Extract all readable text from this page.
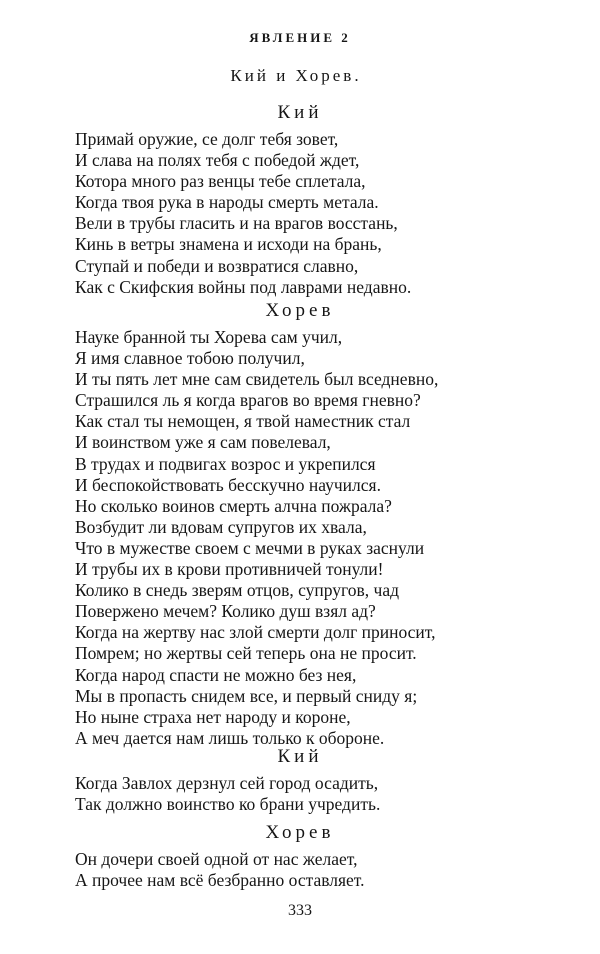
ЯВЛЕНИЕ 2
Кий и Хорев.
Кий
Примай оружие, се долг тебя зовет,
И слава на полях тебя с победой ждет,
Котора много раз венцы тебе сплетала,
Когда твоя рука в народы смерть метала.
Вели в трубы гласить и на врагов восстань,
Кинь в ветры знамена и исходи на брань,
Ступай и победи и возвратися славно,
Как с Скифския войны под лаврами недавно.
Хорев
Науке бранной ты Хорева сам учил,
Я имя славное тобою получил,
И ты пять лет мне сам свидетель был вседневно,
Страшился ль я когда врагов во время гневно?
Как стал ты немощен, я твой наместник стал
И воинством уже я сам повелевал,
В трудах и подвигах возрос и укрепился
И беспокойствовать бесскучно научился.
Но сколько воинов смерть алчна пожрала?
Возбудит ли вдовам супругов их хвала,
Что в мужестве своем с мечми в руках заснули
И трубы их в крови противничей тонули!
Колико в снедь зверям отцов, супругов, чад
Повержено мечем? Колико душ взял ад?
Когда на жертву нас злой смерти долг приносит,
Помрем; но жертвы сей теперь она не просит.
Когда народ спасти не можно без нея,
Мы в пропасть снидем все, и первый сниду я;
Но ныне страха нет народу и короне,
А меч дается нам лишь только к обороне.
Кий
Когда Завлох дерзнул сей город осадить,
Так должно воинство ко брани учредить.
Хорев
Он дочери своей одной от нас желает,
А прочее нам всё безбранно оставляет.
333
